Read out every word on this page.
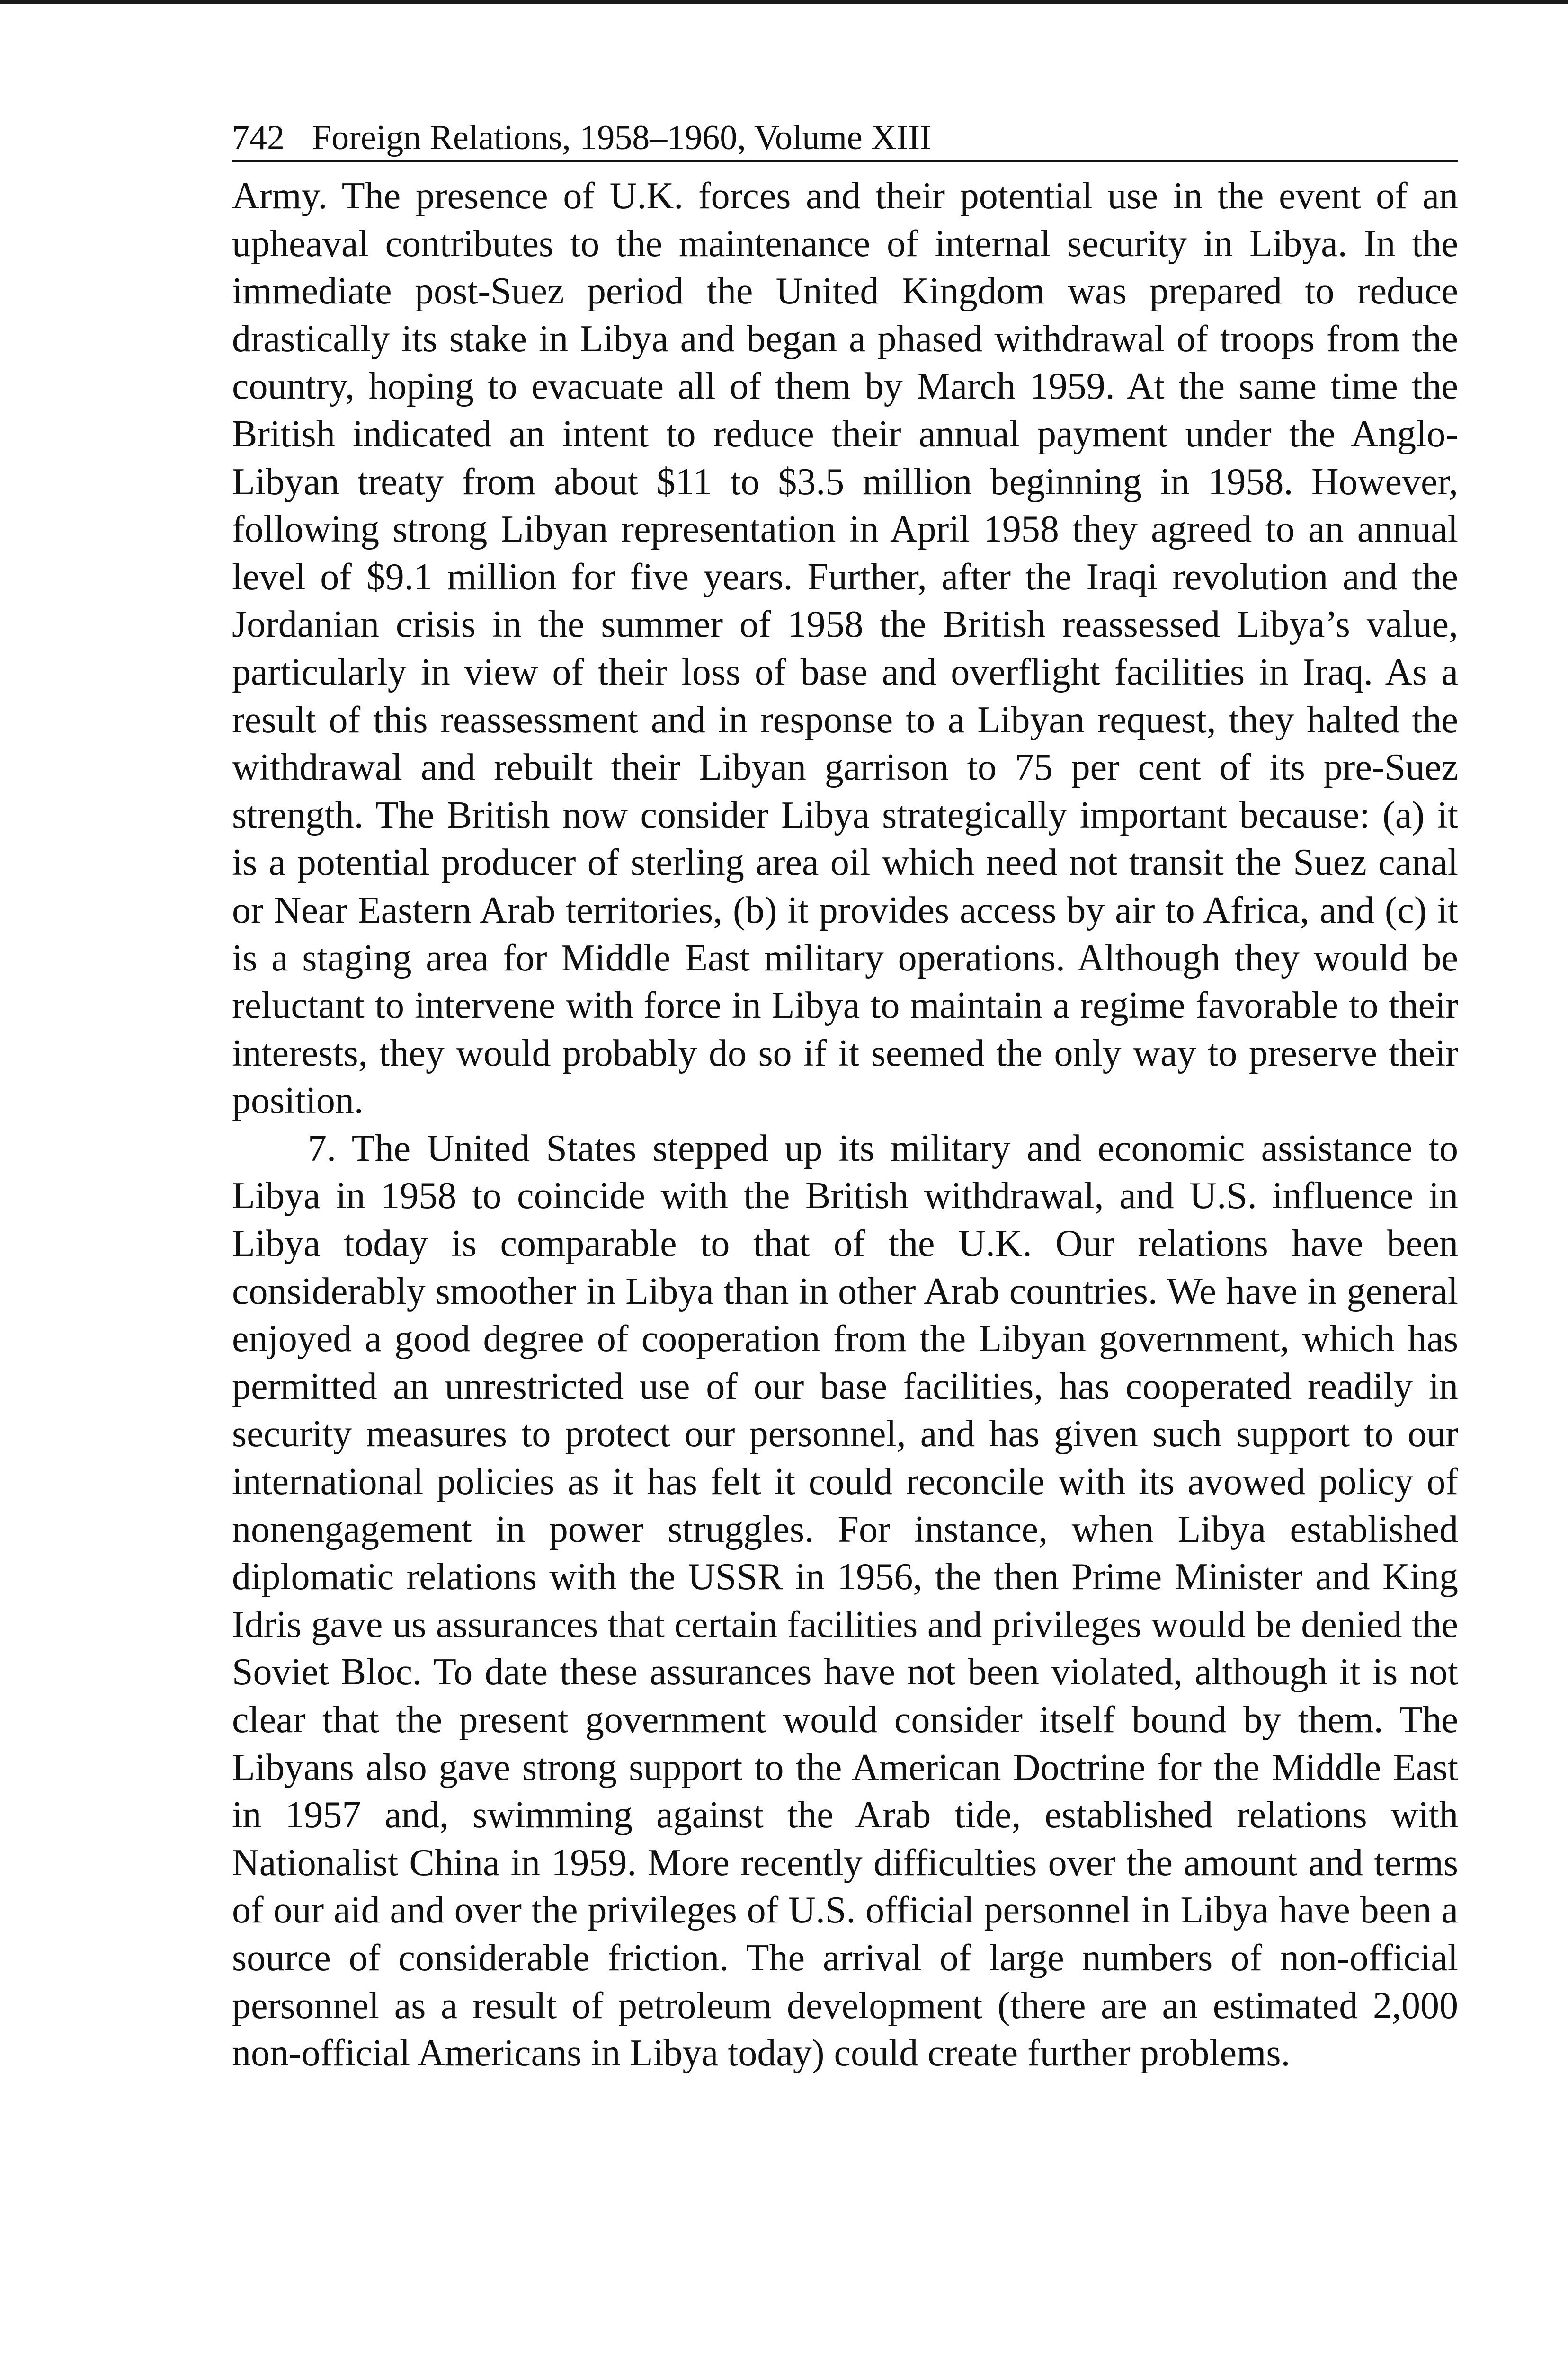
742 Foreign Relations, 1958–1960, Volume XIII

Army. The presence of U.K. forces and their potential use in the event of an upheaval contributes to the maintenance of internal security in Libya. In the immediate post-Suez period the United Kingdom was prepared to reduce drastically its stake in Libya and began a phased withdrawal of troops from the country, hoping to evacuate all of them by March 1959. At the same time the British indicated an intent to reduce their annual payment under the Anglo-Libyan treaty from about $11 to $3.5 million beginning in 1958. However, following strong Libyan representation in April 1958 they agreed to an annual level of $9.1 million for five years. Further, after the Iraqi revolution and the Jordanian crisis in the summer of 1958 the British reassessed Libya’s value, particularly in view of their loss of base and overflight facilities in Iraq. As a result of this reassessment and in response to a Libyan request, they halted the withdrawal and rebuilt their Libyan garrison to 75 per cent of its pre-Suez strength. The British now consider Libya strategically important because: (a) it is a potential producer of sterling area oil which need not transit the Suez canal or Near Eastern Arab territories, (b) it provides access by air to Africa, and (c) it is a staging area for Middle East military operations. Although they would be reluctant to intervene with force in Libya to maintain a regime favorable to their interests, they would probably do so if it seemed the only way to preserve their position.

7. The United States stepped up its military and economic assistance to Libya in 1958 to coincide with the British withdrawal, and U.S. influence in Libya today is comparable to that of the U.K. Our relations have been considerably smoother in Libya than in other Arab countries. We have in general enjoyed a good degree of cooperation from the Libyan government, which has permitted an unrestricted use of our base facilities, has cooperated readily in security measures to protect our personnel, and has given such support to our international policies as it has felt it could reconcile with its avowed policy of nonengagement in power struggles. For instance, when Libya established diplomatic relations with the USSR in 1956, the then Prime Minister and King Idris gave us assurances that certain facilities and privileges would be denied the Soviet Bloc. To date these assurances have not been violated, although it is not clear that the present government would consider itself bound by them. The Libyans also gave strong support to the American Doctrine for the Middle East in 1957 and, swimming against the Arab tide, established relations with Nationalist China in 1959. More recently difficulties over the amount and terms of our aid and over the privileges of U.S. official personnel in Libya have been a source of considerable friction. The arrival of large numbers of non-official personnel as a result of petroleum development (there are an estimated 2,000 non-official Americans in Libya today) could create further problems.
